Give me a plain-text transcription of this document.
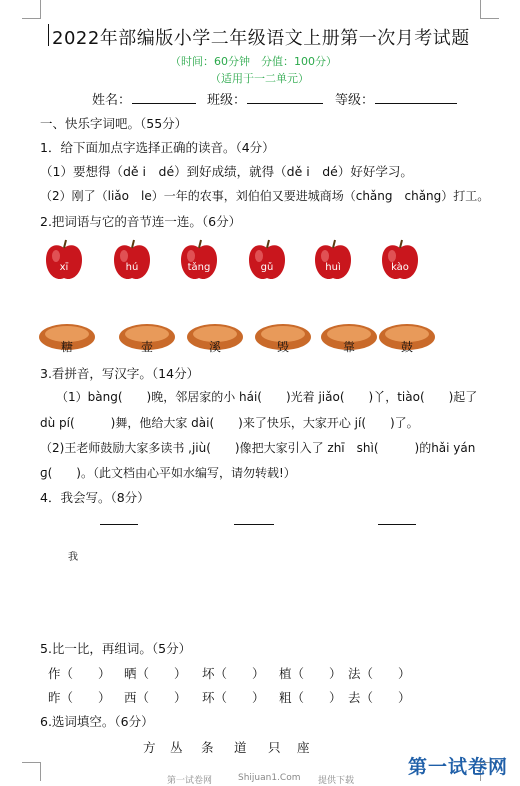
2022年部编版小学二年级语文上册第一次月考试题
（时间：60分钟　分值：100分）
（适用于一二单元）
姓名：	班级：	等级：
一、快乐字词吧。（55分）
1．给下面加点字选择正确的读音。（4分）
（1）要想得（dě i　dé）到好成绩，就得（dě i　dé）好好学习。
（2）刚了（liǎo　le）一年的农事，刘伯伯又要进城商场（chǎng　chǎng）打工。
2.把词语与它的音节连一连。（6分）
xī	hú	tǎng	gǔ	huì	kào
糖	壶	溪	毁	靠	鼓
3.看拼音，写汉字。（14分）
（1）bàng(　　)晚，邻居家的小 hái(　　)光着 jiǎo(　　)丫，tiào(　　)起了
dù pí(　　　)舞，他给大家 dài(　　)来了快乐，大家开心 jí(　　)了。
（2)王老师鼓励大家多读书 ,jiù(　　)像把大家引入了 zhī　shì(　　　)的hǎi yán
ɡ(　　)。（此文档由心平如水编写，请勿转载!）
4．我会写。（8分）
我
5.比一比，再组词。（5分）
作（　　） 晒（　　） 坏（　　） 植（　　） 法（　　）
昨（　　） 西（　　） 环（　　） 粗（　　） 去（　　）
6.选词填空。（6分）
方 丛 条 道 只 座
第一试卷网	Shijuan1.Com 提供下载
第一试卷网
